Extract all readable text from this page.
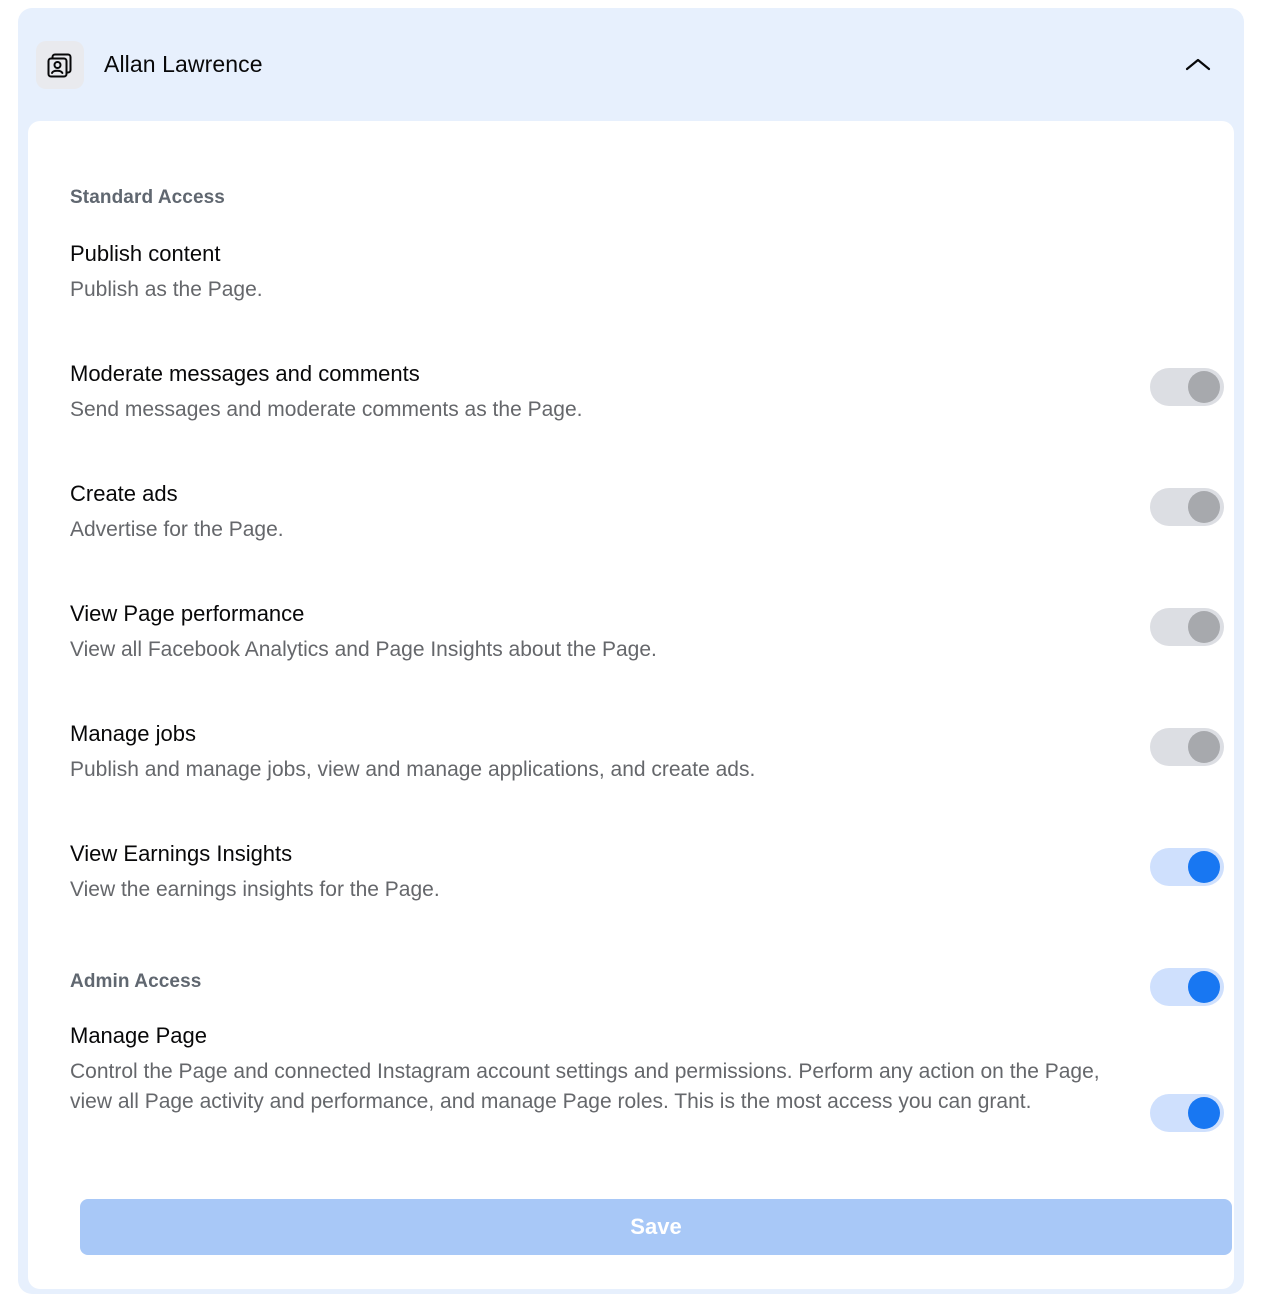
Allan Lawrence
Standard Access
Publish content
Publish as the Page.
Moderate messages and comments
Send messages and moderate comments as the Page.
Create ads
Advertise for the Page.
View Page performance
View all Facebook Analytics and Page Insights about the Page.
Manage jobs
Publish and manage jobs, view and manage applications, and create ads.
View Earnings Insights
View the earnings insights for the Page.
Admin Access
Manage Page
Control the Page and connected Instagram account settings and permissions. Perform any action on the Page, view all Page activity and performance, and manage Page roles. This is the most access you can grant.
Save
